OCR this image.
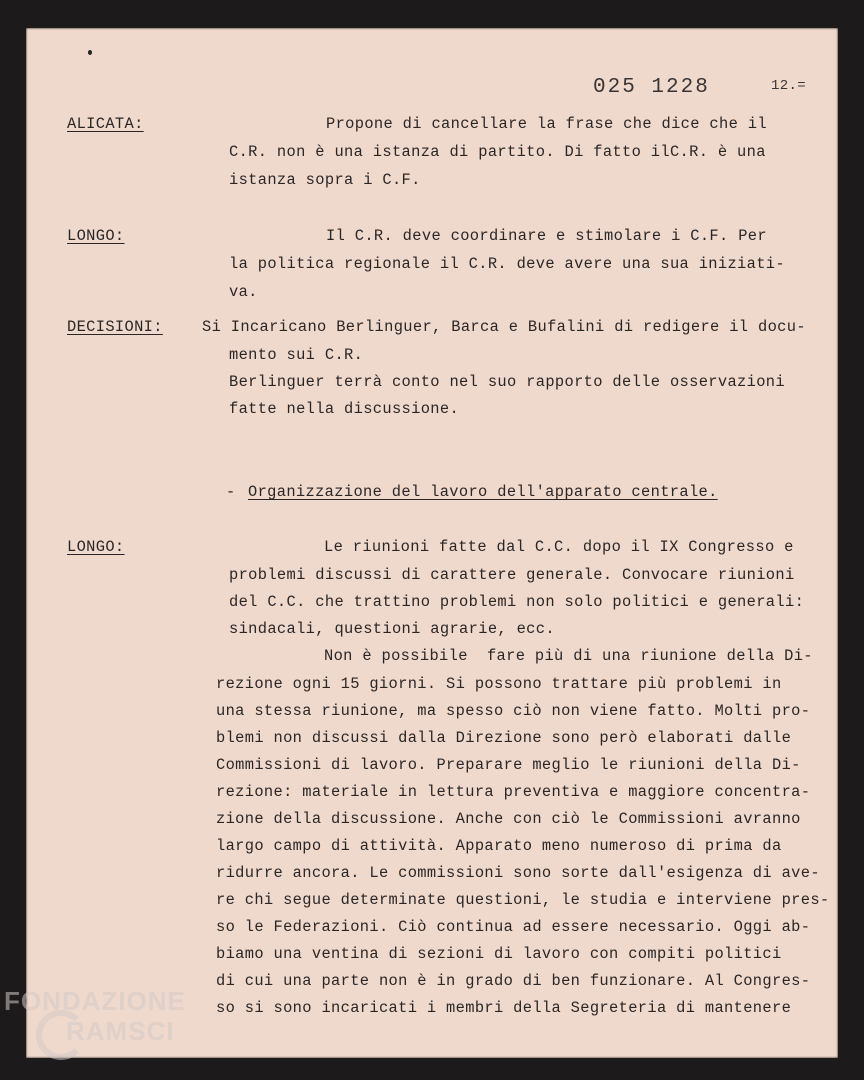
025 1228	12.=
ALICATA:	Propone di cancellare la frase che dice che il
C.R. non è una istanza di partito. Di fatto ilC.R. è una
istanza sopra i C.F.
LONGO:	Il C.R. deve coordinare e stimolare i C.F. Per
la politica regionale il C.R. deve avere una sua iniziati-
va.
DECISIONI:	Si Incaricano Berlinguer, Barca e Bufalini di redigere il docu-
mento sui C.R.
Berlinguer terrà conto nel suo rapporto delle osservazioni
fatte nella discussione.
- Organizzazione del lavoro dell'apparato centrale.
LONGO:	Le riunioni fatte dal C.C. dopo il IX Congresso e
problemi discussi di carattere generale. Convocare riunioni
del C.C. che trattino problemi non solo politici e generali:
sindacali, questioni agrarie, ecc.
Non è possibile  fare più di una riunione della Di-
rezione ogni 15 giorni. Si possono trattare più problemi in
una stessa riunione, ma spesso ciò non viene fatto. Molti pro-
blemi non discussi dalla Direzione sono però elaborati dalle
Commissioni di lavoro. Preparare meglio le riunioni della Di-
rezione: materiale in lettura preventiva e maggiore concentra-
zione della discussione. Anche con ciò le Commissioni avranno
largo campo di attività. Apparato meno numeroso di prima da
ridurre ancora. Le commissioni sono sorte dall'esigenza di ave-
re chi segue determinate questioni, le studia e interviene pres-
so le Federazioni. Ciò continua ad essere necessario. Oggi ab-
biamo una ventina di sezioni di lavoro con compiti politici
di cui una parte non è in grado di ben funzionare. Al Congres-
so si sono incaricati i membri della Segreteria di mantenere
FONDAZIONE
RAMSCI
